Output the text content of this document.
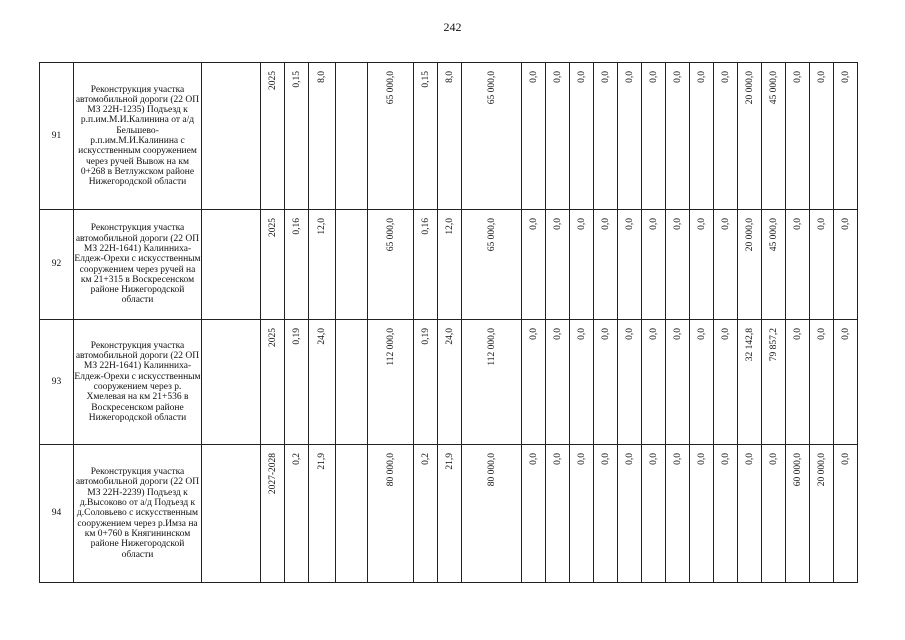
242
91	Реконструкция участка автомобильной дороги (22 ОП МЗ 22Н-1235) Подъезд к р.п.им.М.И.Калинина от а/д Бельшево-р.п.им.М.И.Калинина с искусственным сооружением через ручей Вывож на км 0+268 в Ветлужском районе Нижегородской области		2025	0,15	8,0		65 000,0	0,15	8,0	65 000,0	0,0	0,0	0,0	0,0	0,0	0,0	0,0	0,0	0,0	20 000,0	45 000,0	0,0	0,0	0,0

92	Реконструкция участка автомобильной дороги (22 ОП МЗ 22Н-1641) Калинниха-Елдеж-Орехи с искусственным сооружением через ручей на км 21+315 в Воскресенском районе Нижегородской области		2025	0,16	12,0		65 000,0	0,16	12,0	65 000,0	0,0	0,0	0,0	0,0	0,0	0,0	0,0	0,0	0,0	20 000,0	45 000,0	0,0	0,0	0,0

93	Реконструкция участка автомобильной дороги (22 ОП МЗ 22Н-1641) Калинниха-Елдеж-Орехи с искусственным сооружением через р. Хмелевая на км 21+536 в Воскресенском районе Нижегородской области		2025	0,19	24,0		112 000,0	0,19	24,0	112 000,0	0,0	0,0	0,0	0,0	0,0	0,0	0,0	0,0	0,0	32 142,8	79 857,2	0,0	0,0	0,0

94	Реконструкция участка автомобильной дороги (22 ОП МЗ 22Н-2239) Подъезд к д.Высоково от а/д Подъезд к д.Соловьево с искусственным сооружением через р.Имза на км 0+760 в Княгининском районе Нижегородской области		2027-2028	0,2	21,9		80 000,0	0,2	21,9	80 000,0	0,0	0,0	0,0	0,0	0,0	0,0	0,0	0,0	0,0	0,0	0,0	60 000,0	20 000,0	0,0
